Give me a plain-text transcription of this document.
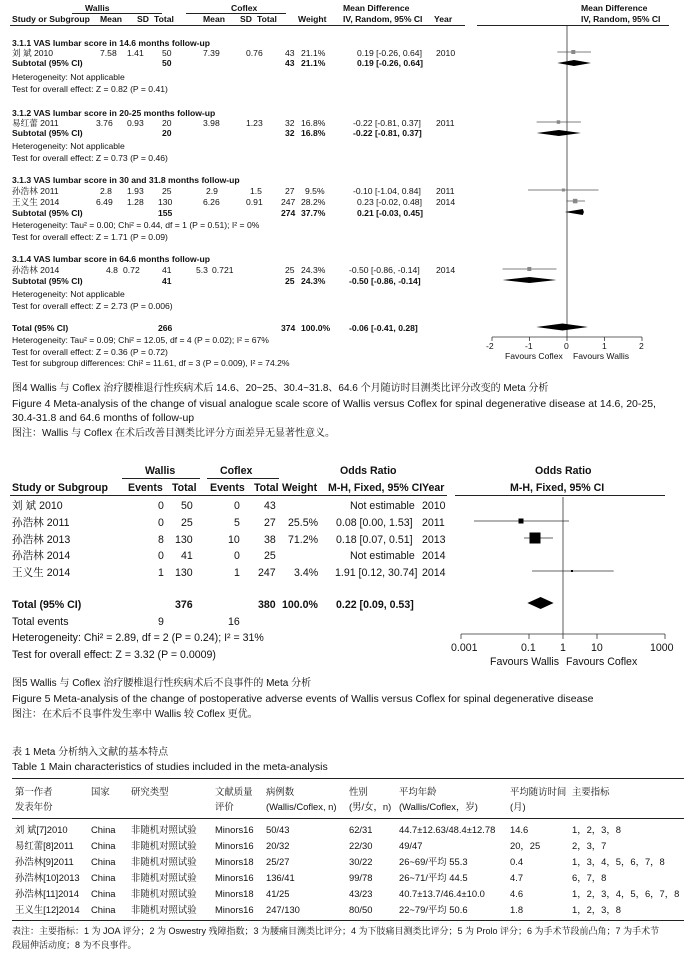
Wallis	Coflex	Mean Difference	Mean Difference
Study or Subgroup Mean SD Total	Mean SD Total Weight IV, Random, 95% CI Year	IV, Random, 95% CI
3.1.1 VAS lumbar score in 14.6 months follow-up
刘 斌 2010	7.58 1.41 50	7.39	0.76	43 21.1%	0.19 [-0.26, 0.64] 2010
Subtotal (95% CI)	50	43 21.1%	0.19 [-0.26, 0.64]
Heterogeneity: Not applicable
Test for overall effect: Z = 0.82 (P = 0.41)
3.1.2 VAS lumbar score in 20-25 months follow-up
易红蕾 2011	3.76 0.93 20	3.98	1.23	32 16.8%	-0.22 [-0.81, 0.37] 2011
Subtotal (95% CI)	20	32 16.8%	-0.22 [-0.81, 0.37]
Heterogeneity: Not applicable
Test for overall effect: Z = 0.73 (P = 0.46)
3.1.3 VAS lumbar score in 30 and 31.8 months follow-up
孙浩林 2011	2.8 1.93 25	2.9	1.5	27 9.5%	-0.10 [-1.04, 0.84] 2011
王义生 2014	6.49 1.28 130	6.26	0.91 247 28.2%	0.23 [-0.02, 0.48] 2014
Subtotal (95% CI)	155	274 37.7%	0.21 [-0.03, 0.45]
Heterogeneity: Tau² = 0.00; Chi² = 0.44, df = 1 (P = 0.51); I² = 0%
Test for overall effect: Z = 1.71 (P = 0.09)
3.1.4 VAS lumbar score in 64.6 months follow-up
孙浩林 2014	4.8 0.72	41	5.3 0.721	25 24.3%	-0.50 [-0.86, -0.14] 2014
Subtotal (95% CI)	41	25 24.3%	-0.50 [-0.86, -0.14]
Heterogeneity: Not applicable
Test for overall effect: Z = 2.73 (P = 0.006)
Total (95% CI)	266	374 100.0% -0.06 [-0.41, 0.28]
Heterogeneity: Tau² = 0.09; Chi² = 12.05, df = 4 (P = 0.02); I² = 67%
Test for overall effect: Z = 0.36 (P = 0.72)
Test for subgroup differences: Chi² = 11.61, df = 3 (P = 0.009), I² = 74.2%
-2	-1	0	1	2
Favours Coflex Favours Wallis
图4 Wallis 与 Coflex 治疗腰椎退行性疾病术后 14.6、20~25、30.4~31.8、64.6 个月随访时目测类比评分改变的 Meta 分析
Figure 4 Meta-analysis of the change of visual analogue scale score of Wallis versus Coflex for spinal degenerative disease at 14.6, 20-25,
30.4-31.8 and 64.6 months of follow-up
图注：Wallis 与 Coflex 在术后改善目测类比评分方面差异无显著性意义。
Wallis	Coflex	Odds Ratio	Odds Ratio
Study or Subgroup Events Total Events Total Weight M-H, Fixed, 95% CI Year	M-H, Fixed, 95% CI
刘 斌 2010	0 50	0 43	Not estimable 2010
孙浩林 2011	0 25	5 27 25.5% 0.08 [0.00, 1.53] 2011
孙浩林 2013	8 130	10 38 71.2% 0.18 [0.07, 0.51] 2013
孙浩林 2014	0 41	0 25	Not estimable 2014
王义生 2014	1 130	1 247 3.4% 1.91 [0.12, 30.74] 2014
Total (95% CI)	376	380 100.0% 0.22 [0.09, 0.53]
Total events	9	16
Heterogeneity: Chi² = 2.89, df = 2 (P = 0.24); I² = 31%
Test for overall effect: Z = 3.32 (P = 0.0009)
0.001	0.1 1 10	1000
Favours Wallis Favours Coflex
图5 Wallis 与 Coflex 治疗腰椎退行性疾病术后不良事件的 Meta 分析
Figure 5 Meta-analysis of the change of postoperative adverse events of Wallis versus Coflex for spinal degenerative disease
图注：在术后不良事件发生率中 Wallis 较 Coflex 更优。
表 1 Meta 分析纳入文献的基本特点
Table 1 Main characteristics of studies included in the meta-analysis
第一作者	国家 研究类型	文献质量 病例数	性别	平均年龄	平均随访时间 主要指标
发表年份	评价	(Wallis/Coflex, n) (男/女，n) (Wallis/Coflex，岁)	(月)
刘 斌[7]2010 China 非随机对照试验 Minors16 50/43	62/31	44.7±12.63/48.4±12.78 14.6	1，2，3，8
易红蕾[8]2011 China 非随机对照试验 Minors16 20/32	22/30	49/47	20，25	2，3，7
孙浩林[9]2011 China 非随机对照试验 Minors18 25/27	30/22	26~69/平均 55.3	0.4	1，3，4，5，6，7，8
孙浩林[10]2013 China 非随机对照试验 Minors16 136/41	99/78	26~71/平均 44.5	4.7	6，7，8
孙浩林[11]2014 China 非随机对照试验 Minors18 41/25	43/23	40.7±13.7/46.4±10.0	4.6	1，2，3，4，5，6，7，8
王义生[12]2014 China 非随机对照试验 Minors16 247/130	80/50	22~79/平均 50.6	1.8	1，2，3，8
表注：主要指标：1 为 JOA 评分；2 为 Oswestry 残障指数；3 为腰痛目测类比评分；4 为下肢痛目测类比评分；5 为 Prolo 评分；6 为手术节段前凸角；7 为手术节
段屈伸活动度；8 为不良事件。
